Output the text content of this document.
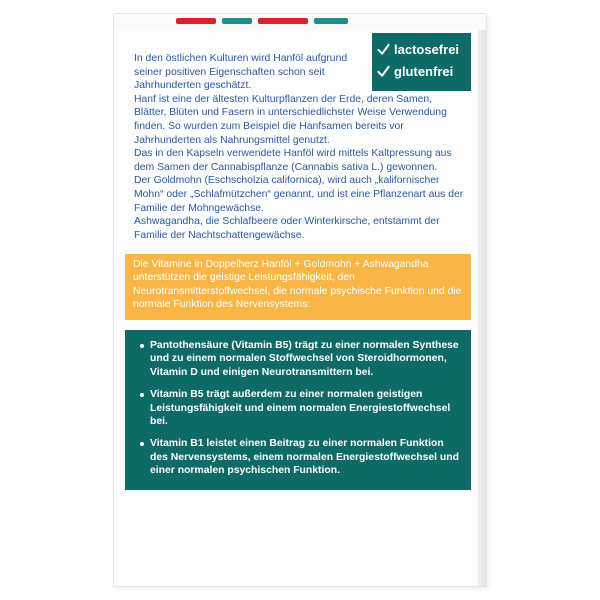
In den östlichen Kulturen wird Hanföl aufgrund seiner positiven Eigenschaften schon seit Jahrhunderten geschätzt.

Hanf ist eine der ältesten Kulturpflanzen der Erde, deren Samen, Blätter, Blüten und Fasern in unterschiedlichster Weise Verwendung finden. So wurden zum Beispiel die Hanfsamen bereits vor Jahrhunderten als Nahrungsmittel genutzt.

Das in den Kapseln verwendete Hanföl wird mittels Kaltpressung aus dem Samen der Cannabispflanze (Cannabis sativa L.) gewonnen.

Der Goldmohn (Eschscholzia californica), wird auch „kalifornischer Mohn“ oder „Schlafmützchen“ genannt, und ist eine Pflanzenart aus der Familie der Mohngewächse.

Ashwagandha, die Schlafbeere oder Winterkirsche, entstammt der Familie der Nachtschattengewächse.

lactosefrei
glutenfrei
Die Vitamine in Doppelherz Hanföl + Goldmohn + Ashwagandha unterstützen die geistige Leistungsfähigkeit, den Neurotransmitterstoffwechsel, die normale psychische Funktion und die normale Funktion des Nervensystems:
Pantothensäure (Vitamin B5) trägt zu einer normalen Synthese und zu einem normalen Stoffwechsel von Steroidhormonen, Vitamin D und einigen Neurotransmittern bei.
Vitamin B5 trägt außerdem zu einer normalen geistigen Leistungsfähigkeit und einem normalen Energiestoffwechsel bei.
Vitamin B1 leistet einen Beitrag zu einer normalen Funktion des Nervensystems, einem normalen Energiestoffwechsel und einer normalen psychischen Funktion.
